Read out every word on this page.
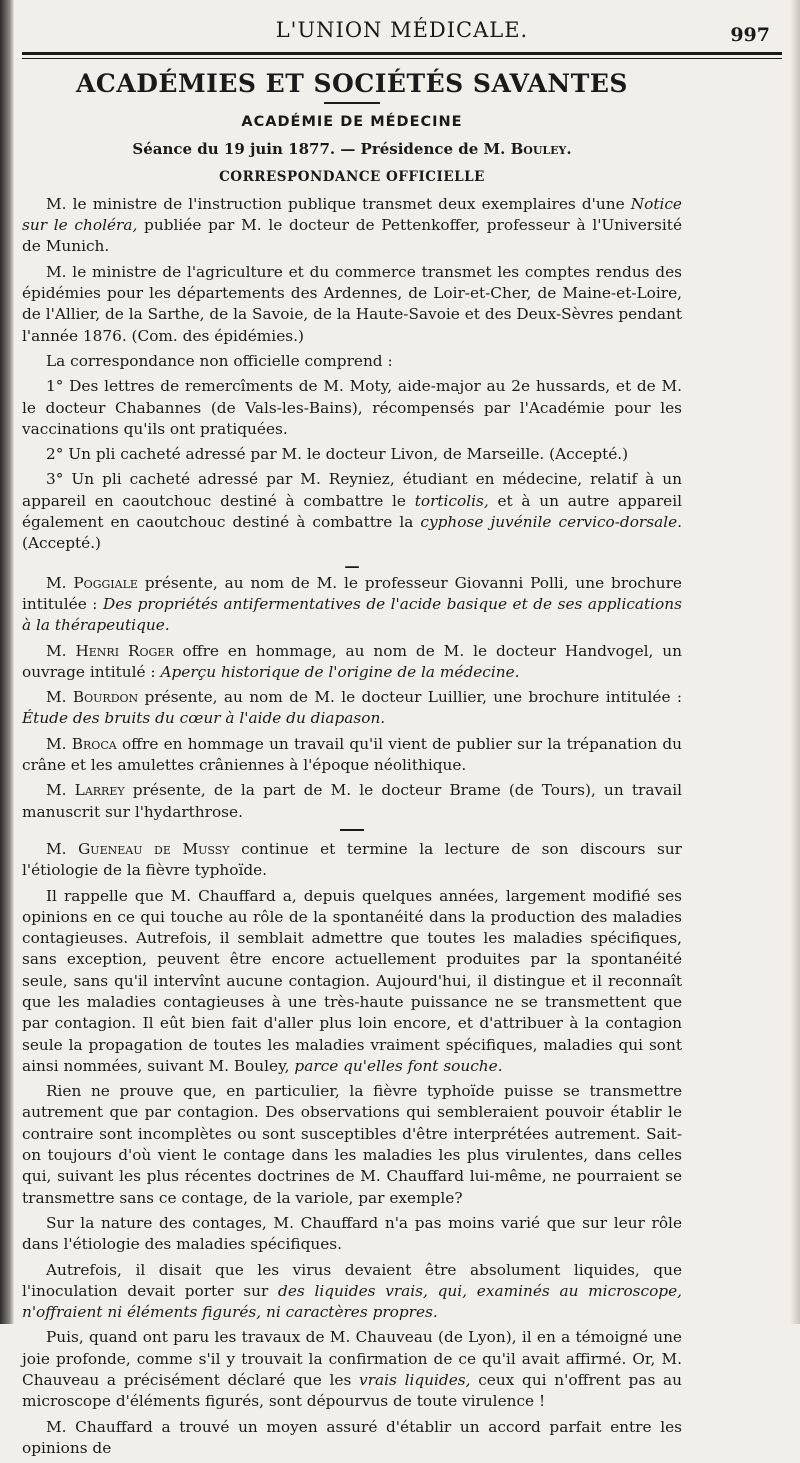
L'UNION MÉDICALE.	997
ACADÉMIES ET SOCIÉTÉS SAVANTES
ACADÉMIE DE MÉDECINE
Séance du 19 juin 1877. — Présidence de M. Bouley.
CORRESPONDANCE OFFICIELLE

M. le ministre de l'instruction publique transmet deux exemplaires d'une Notice sur le choléra, publiée par M. le docteur de Pettenkoffer, professeur à l'Université de Munich.

M. le ministre de l'agriculture et du commerce transmet les comptes rendus des épidémies pour les départements des Ardennes, de Loir-et-Cher, de Maine-et-Loire, de l'Allier, de la Sarthe, de la Savoie, de la Haute-Savoie et des Deux-Sèvres pendant l'année 1876. (Com. des épidémies.)

La correspondance non officielle comprend :

1° Des lettres de remercîments de M. Moty, aide-major au 2e hussards, et de M. le docteur Chabannes (de Vals-les-Bains), récompensés par l'Académie pour les vaccinations qu'ils ont pratiquées.

2° Un pli cacheté adressé par M. le docteur Livon, de Marseille. (Accepté.)

3° Un pli cacheté adressé par M. Reyniez, étudiant en médecine, relatif à un appareil en caoutchouc destiné à combattre le torticolis, et à un autre appareil également en caoutchouc destiné à combattre la cyphose juvénile cervico-dorsale. (Accepté.)

—

M. Poggiale présente, au nom de M. le professeur Giovanni Polli, une brochure intitulée : Des propriétés antifermentatives de l'acide basique et de ses applications à la thérapeutique.

M. Henri Roger offre en hommage, au nom de M. le docteur Handvogel, un ouvrage intitulé : Aperçu historique de l'origine de la médecine.

M. Bourdon présente, au nom de M. le docteur Luillier, une brochure intitulée : Étude des bruits du cœur à l'aide du diapason.

M. Broca offre en hommage un travail qu'il vient de publier sur la trépanation du crâne et les amulettes crâniennes à l'époque néolithique.

M. Larrey présente, de la part de M. le docteur Brame (de Tours), un travail manuscrit sur l'hydarthrose.

M. Gueneau de Mussy continue et termine la lecture de son discours sur l'étiologie de la fièvre typhoïde.

Il rappelle que M. Chauffard a, depuis quelques années, largement modifié ses opinions en ce qui touche au rôle de la spontanéité dans la production des maladies contagieuses. Autrefois, il semblait admettre que toutes les maladies spécifiques, sans exception, peuvent être encore actuellement produites par la spontanéité seule, sans qu'il intervînt aucune contagion. Aujourd'hui, il distingue et il reconnaît que les maladies contagieuses à une très-haute puissance ne se transmettent que par contagion. Il eût bien fait d'aller plus loin encore, et d'attribuer à la contagion seule la propagation de toutes les maladies vraiment spécifiques, maladies qui sont ainsi nommées, suivant M. Bouley, parce qu'elles font souche.

Rien ne prouve que, en particulier, la fièvre typhoïde puisse se transmettre autrement que par contagion. Des observations qui sembleraient pouvoir établir le contraire sont incomplètes ou sont susceptibles d'être interprétées autrement. Sait-on toujours d'où vient le contage dans les maladies les plus virulentes, dans celles qui, suivant les plus récentes doctrines de M. Chauffard lui-même, ne pourraient se transmettre sans ce contage, de la variole, par exemple?

Sur la nature des contages, M. Chauffard n'a pas moins varié que sur leur rôle dans l'étiologie des maladies spécifiques.

Autrefois, il disait que les virus devaient être absolument liquides, que l'inoculation devait porter sur des liquides vrais, qui, examinés au microscope, n'offraient ni éléments figurés, ni caractères propres.

Puis, quand ont paru les travaux de M. Chauveau (de Lyon), il en a témoigné une joie profonde, comme s'il y trouvait la confirmation de ce qu'il avait affirmé. Or, M. Chauveau a précisément déclaré que les vrais liquides, ceux qui n'offrent pas au microscope d'éléments figurés, sont dépourvus de toute virulence !

M. Chauffard a trouvé un moyen assuré d'établir un accord parfait entre les opinions de
